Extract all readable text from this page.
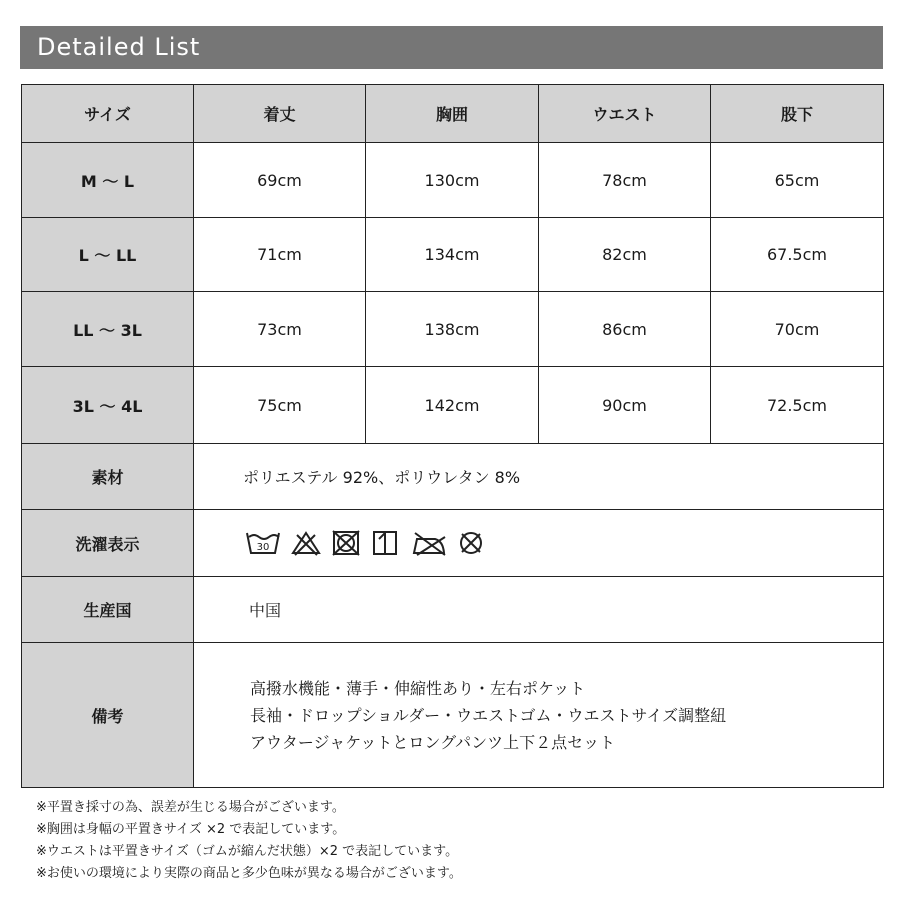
Detailed List
サイズ	着丈	胸囲	ウエスト	股下
M ～ L	69cm	130cm	78cm	65cm
L ～ LL	71cm	134cm	82cm	67.5cm
LL ～ 3L	73cm	138cm	86cm	70cm
3L ～ 4L	75cm	142cm	90cm	72.5cm
素材	ポリエステル 92%、ポリウレタン 8%			
洗濯表示	30			

生産国	中国			
備考	高撥水機能・薄手・伸縮性あり・左右ポケット
長袖・ドロップショルダー・ウエストゴム・ウエストサイズ調整紐
アウタージャケットとロングパンツ上下２点セット			
※平置き採寸の為、誤差が生じる場合がございます。
※胸囲は身幅の平置きサイズ ×2 で表記しています。
※ウエストは平置きサイズ（ゴムが縮んだ状態）×2 で表記しています。
※お使いの環境により実際の商品と多少色味が異なる場合がございます。
